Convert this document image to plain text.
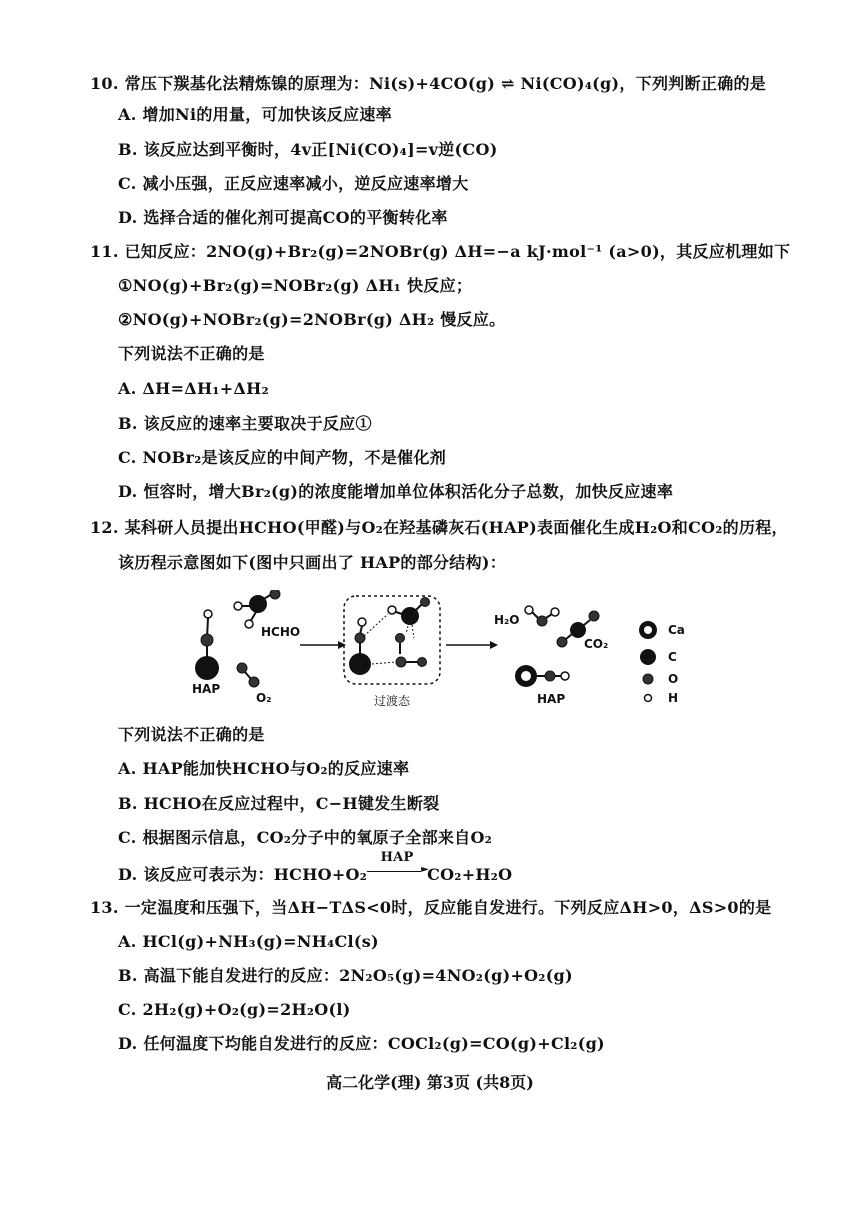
10. 常压下羰基化法精炼镍的原理为：Ni(s)+4CO(g) ⇌ Ni(CO)₄(g)，下列判断正确的是
A. 增加Ni的用量，可加快该反应速率
B. 该反应达到平衡时，4v正[Ni(CO)₄]=v逆(CO)
C. 减小压强，正反应速率减小，逆反应速率增大
D. 选择合适的催化剂可提高CO的平衡转化率
11. 已知反应：2NO(g)+Br₂(g)=2NOBr(g) ΔH=−a kJ·mol⁻¹ (a>0)，其反应机理如下
①NO(g)+Br₂(g)=NOBr₂(g) ΔH₁ 快反应；
②NO(g)+NOBr₂(g)=2NOBr(g) ΔH₂ 慢反应。
下列说法不正确的是
A. ΔH=ΔH₁+ΔH₂
B. 该反应的速率主要取决于反应①
C. NOBr₂是该反应的中间产物，不是催化剂
D. 恒容时，增大Br₂(g)的浓度能增加单位体积活化分子总数，加快反应速率
12. 某科研人员提出HCHO(甲醛)与O₂在羟基磷灰石(HAP)表面催化生成H₂O和CO₂的历程，
该历程示意图如下(图中只画出了 HAP的部分结构)：
HAP
HCHO
O₂	过渡态
H₂O
CO₂
HAP
Ca
C
O
H
下列说法不正确的是
A. HAP能加快HCHO与O₂的反应速率
B. HCHO在反应过程中，C−H键发生断裂
C. 根据图示信息，CO₂分子中的氧原子全部来自O₂
D. 该反应可表示为：HCHO+O₂
HAP
►CO₂+H₂O
13. 一定温度和压强下，当ΔH−TΔS<0时，反应能自发进行。下列反应ΔH>0，ΔS>0的是
A. HCl(g)+NH₃(g)=NH₄Cl(s)
B. 高温下能自发进行的反应：2N₂O₅(g)=4NO₂(g)+O₂(g)
C. 2H₂(g)+O₂(g)=2H₂O(l)
D. 任何温度下均能自发进行的反应：COCl₂(g)=CO(g)+Cl₂(g)
高二化学(理) 第3页 (共8页)
